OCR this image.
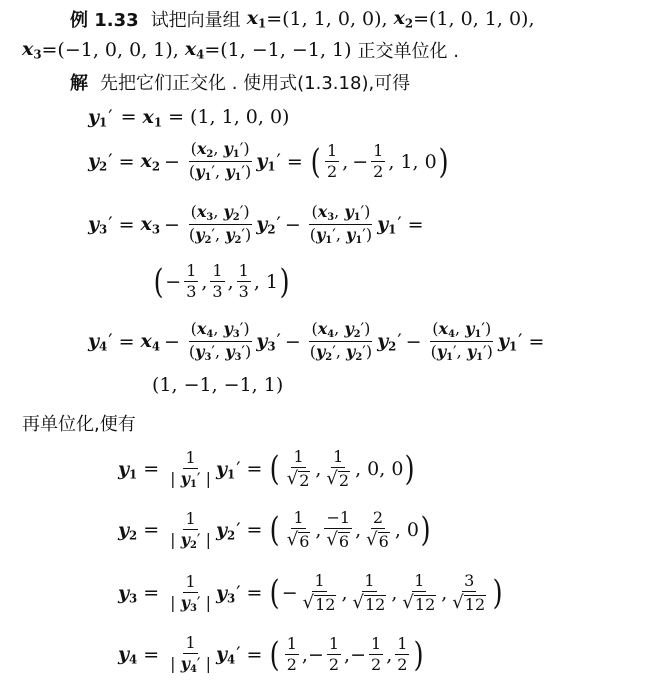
例 1.33 试把向量组 $x_1 =(1$, 1, 0, 0) , $x_2 =(1$, 0, 1, 0),
$x_3 =(-1$, 0, 0, 1) , $x_4 =(1$, −1, −1, 1) 正交单位化 .
解 先把它们正交化 . 使用式(1.3.18),可得
$y_1' = x_1 = (1$, 1, 0, 0)
$y_2' = x_2 - \frac{(x_2, y_1')}{(y_1', y_1')} y_1'$ = ( $\frac{1}{2}$ , − $\frac{1}{2}$ , 1, 0 )
$y_3' = x_3 - \frac{(x_3, y_2')}{(y_2', y_2')} y_2' - \frac{(x_3, y_1')}{(y_1', y_1')} y_1'$ =
( − $\frac{1}{3}$ , $\frac{1}{3}$ , $\frac{1}{3}$ , 1 )
$y_4' = x_4 - \frac{(x_4, y_3')}{(y_3', y_3')} y_3' - \frac{(x_4, y_2')}{(y_2', y_2')} y_2' - \frac{(x_4, y_1')}{(y_1', y_1')} y_1'$ =
(1, −1, −1, 1)
再单位化,便有
$y_1 = \frac{1}{| y_1' |} y_1'$ = ( $\frac{1}{√ 2}$ , $\frac{1}{√ 2}$ , 0, 0 )
$y_2 = \frac{1}{| y_2' |} y_2'$ = ( $\frac{1}{√ 6}$ , $\frac{-1}{√ 6}$ , $\frac{2}{√ 6}$ , 0 )
$y_3 = \frac{1}{| y_3' |} y_3'$ = ( − $\frac{1}{√ 12}$ , $\frac{1}{√ 12}$ , $\frac{1}{√ 12}$ , $\frac{3}{√ 12}$ )
$y_4 = \frac{1}{| y_4' |} y_4'$ = ( $\frac{1}{2}$ , − $\frac{1}{2}$ , − $\frac{1}{2}$ , $\frac{1}{2}$ )
